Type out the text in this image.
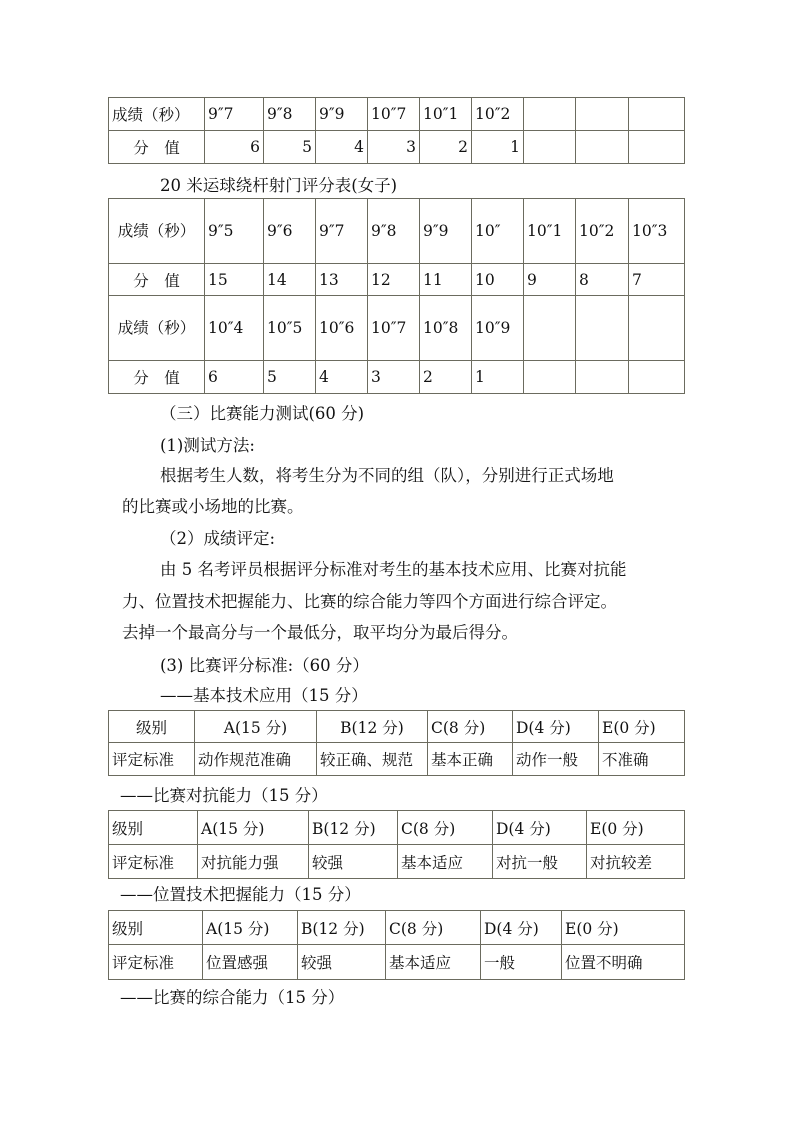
成绩（秒）	9″7	9″8	9″9	10″7	10″1	10″2			
分　值	6	5	4	3	2	1			
20 米运球绕杆射门评分表(女子)
成绩（秒）	9″5	9″6	9″7	9″8	9″9	10″	10″1	10″2	10″3
分　值	15	14	13	12	11	10	9	8	7
成绩（秒）	10″4	10″5	10″6	10″7	10″8	10″9			
分　值	6	5	4	3	2	1			
（三）比赛能力测试(60 分)
(1)测试方法:
根据考生人数，将考生分为不同的组（队），分别进行正式场地
的比赛或小场地的比赛。
（2）成绩评定:
由 5 名考评员根据评分标准对考生的基本技术应用、比赛对抗能
力、位置技术把握能力、比赛的综合能力等四个方面进行综合评定。
去掉一个最高分与一个最低分，取平均分为最后得分。
(3) 比赛评分标准:（60 分）
——基本技术应用（15 分）
级别	A(15 分)	B(12 分)	C(8 分)	D(4 分)	E(0 分)
评定标准	动作规范准确	较正确、规范	基本正确	动作一般	不准确
——比赛对抗能力（15 分）
级别	A(15 分)	B(12 分)	C(8 分)	D(4 分)	E(0 分)
评定标准	对抗能力强	较强	基本适应	对抗一般	对抗较差
——位置技术把握能力（15 分）
级别	A(15 分)	B(12 分)	C(8 分)	D(4 分)	E(0 分)
评定标准	位置感强	较强	基本适应	一般	位置不明确
——比赛的综合能力（15 分）
